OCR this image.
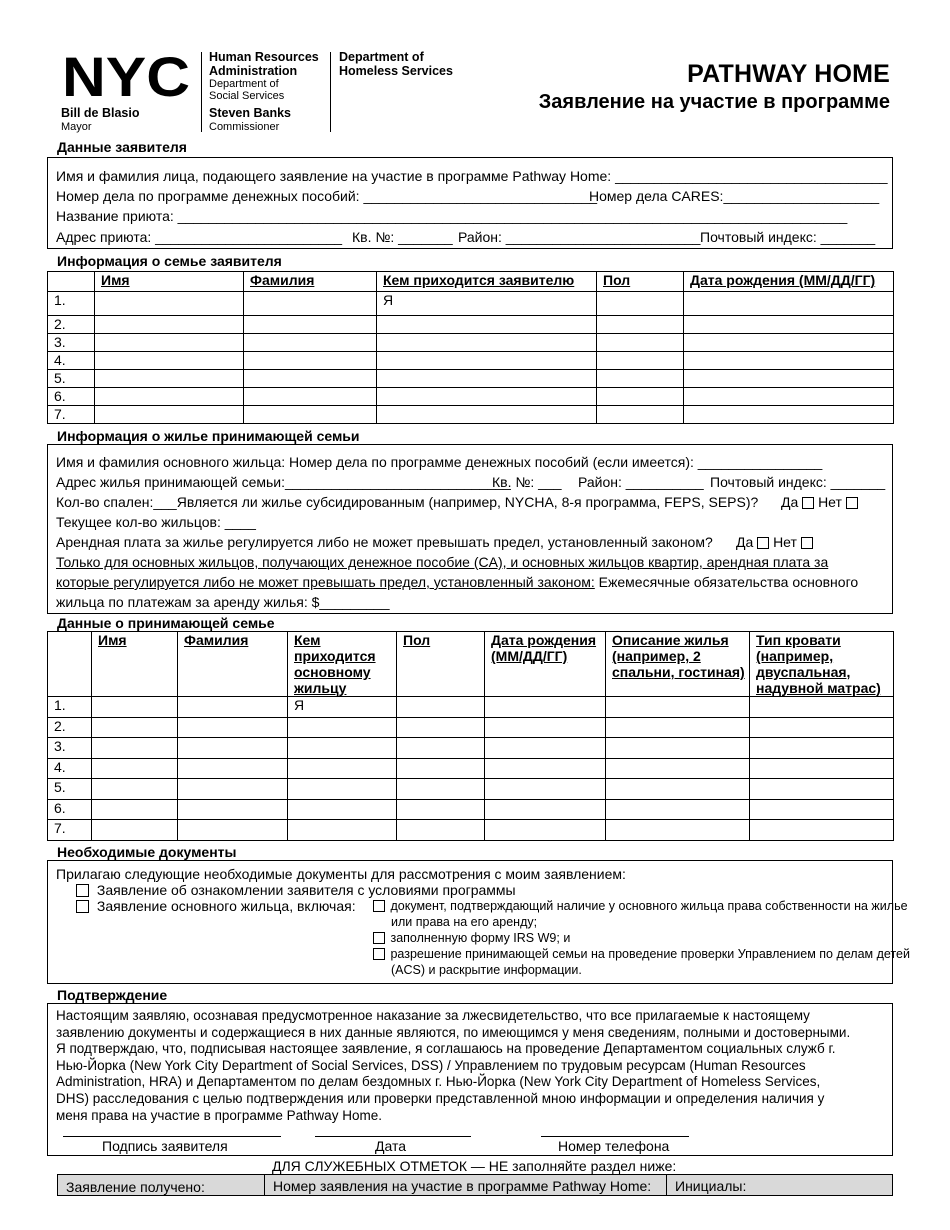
NYC
Bill de Blasio
Mayor
Human Resources
Administration
Department of
Social Services
Steven Banks
Commissioner
Department of
Homeless Services	PATHWAY HOME
Заявление на участие в программе
Данные заявителя
Имя и фамилия лица, подающего заявление на участие в программе Pathway Home: ___________________________________
Номер дела по программе денежных пособий: ______________________________
Номер дела CARES:____________________
Название приюта: ______________________________________________________________________________________
Адрес приюта: ________________________ Кв. №: _______ Район: _________________________ Почтовый индекс: _______
Информация о семье заявителя
	Имя	Фамилия	Кем приходится заявителю	Пол	Дата рождения (ММ/ДД/ГГ)
1.			Я		
2.					
3.					
4.					
5.					
6.					
7.					
Информация о жилье принимающей семьи
Имя и фамилия основного жильца: Номер дела по программе денежных пособий (если имеется): ________________
Адрес жилья принимающей семьи:_____________________________
Кв. №: ___ Район: __________ Почтовый индекс: _______
Кол-во спален:___Является ли жилье субсидированным (например, NYCHA, 8-я программа, FEPS, SEPS)? Да Нет
Текущее кол-во жильцов: ____
Арендная плата за жилье регулируется либо не может превышать предел, установленный законом? Да Нет
Только для основных жильцов, получающих денежное пособие (CA), и основных жильцов квартир, арендная плата за
которые регулируется либо не может превышать предел, установленный законом: Ежемесячные обязательства основного
жильца по платежам за аренду жилья: $_________
Данные о принимающей семье
	Имя	Фамилия	Кем приходится основному жильцу	Пол	Дата рождения (ММ/ДД/ГГ)	Описание жилья (например, 2 спальни, гостиная)	Тип кровати (например, двуспальная, надувной матрас)
1.			Я				
2.							
3.							
4.							
5.							
6.							
7.							
Необходимые документы
Прилагаю следующие необходимые документы для рассмотрения с моим заявлением:
Заявление об ознакомлении заявителя с условиями программы
Заявление основного жильца, включая:	документ, подтверждающий наличие у основного жильца права собственности на жилье
или права на его аренду;
заполненную форму IRS W9; и
разрешение принимающей семьи на проведение проверки Управлением по делам детей
(ACS) и раскрытие информации.
Подтверждение
Настоящим заявляю, осознавая предусмотренное наказание за лжесвидетельство, что все прилагаемые к настоящему
заявлению документы и содержащиеся в них данные являются, по имеющимся у меня сведениям, полными и достоверными.
Я подтверждаю, что, подписывая настоящее заявление, я соглашаюсь на проведение Департаментом социальных служб г.
Нью-Йорка (New York City Department of Social Services, DSS) / Управлением по трудовым ресурсам (Human Resources
Administration, HRA) и Департаментом по делам бездомных г. Нью-Йорка (New York City Department of Homeless Services,
DHS) расследования с целью подтверждения или проверки представленной мною информации и определения наличия у
меня права на участие в программе Pathway Home.
Подпись заявителя	Дата	Номер телефона
ДЛЯ СЛУЖЕБНЫХ ОТМЕТОК — НЕ заполняйте раздел ниже:
Заявление получено:	Номер заявления на участие в программе Pathway Home:	Инициалы:
